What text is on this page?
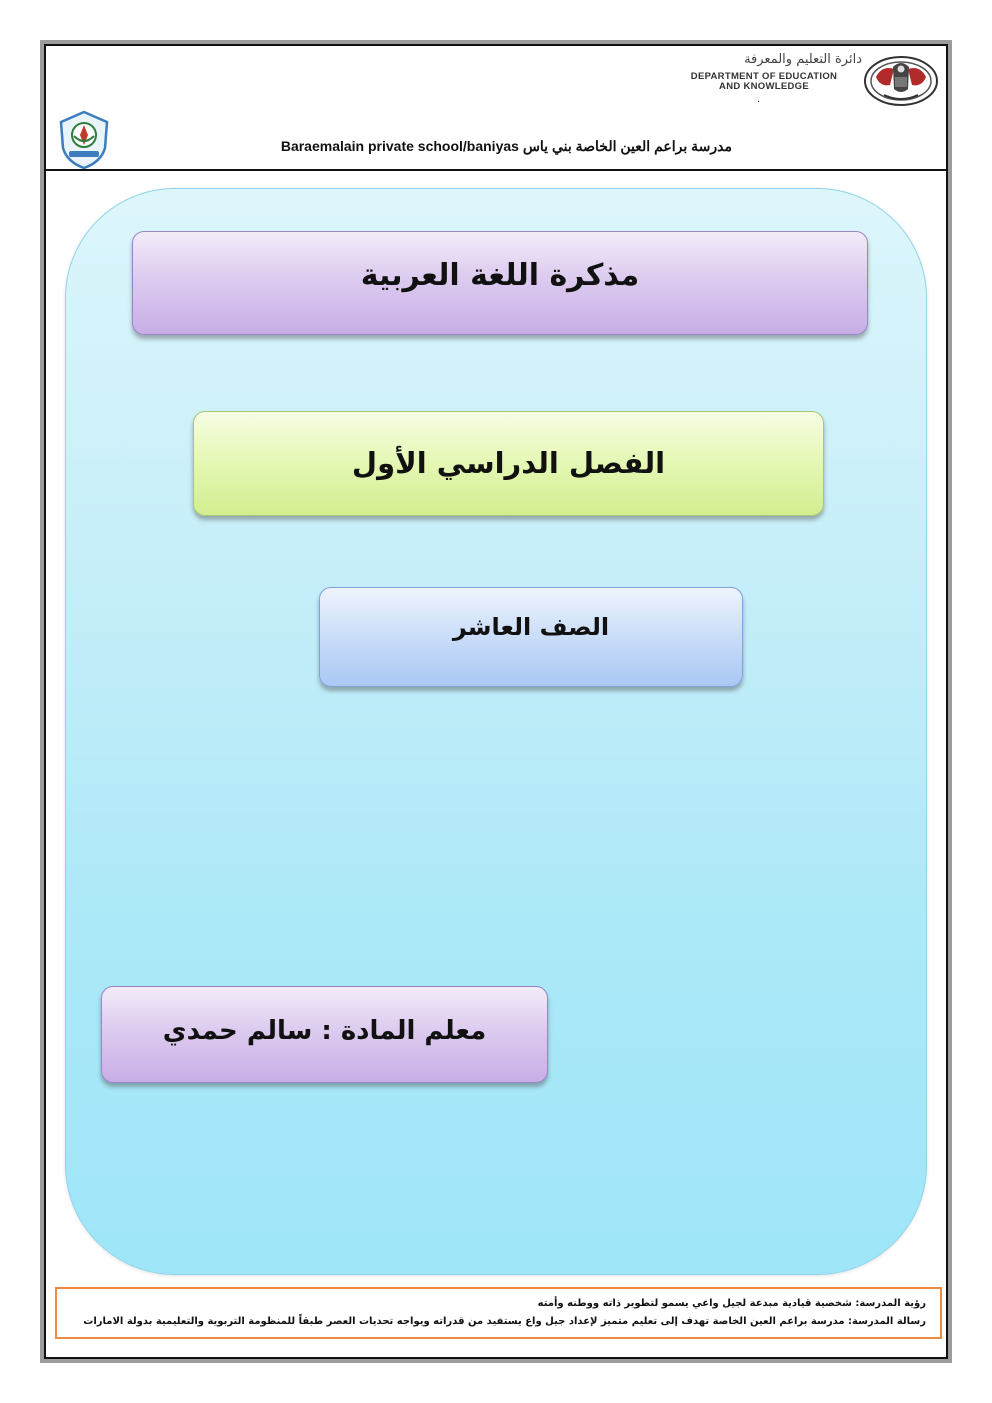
دائرة التعليم والمعرفة
DEPARTMENT OF EDUCATION
AND KNOWLEDGE
·
Baraemalain private school/baniyas مدرسة براعم العين الخاصة بني ياس
مذكرة اللغة العربية
الفصل الدراسي الأول
الصف العاشر
معلم المادة : سالم حمدي
رؤية المدرسة: شخصية قيادية مبدعة لجيل واعي يسمو لتطوير ذاته ووطنه وأمته
رسالة المدرسة: مدرسة براعم العين الخاصة تهدف إلى تعليم متميز لإعداد جيل واع يستفيد من قدراته ويواجه تحديات العصر طبقاً للمنظومة التربوية والتعليمية بدولة الامارات
